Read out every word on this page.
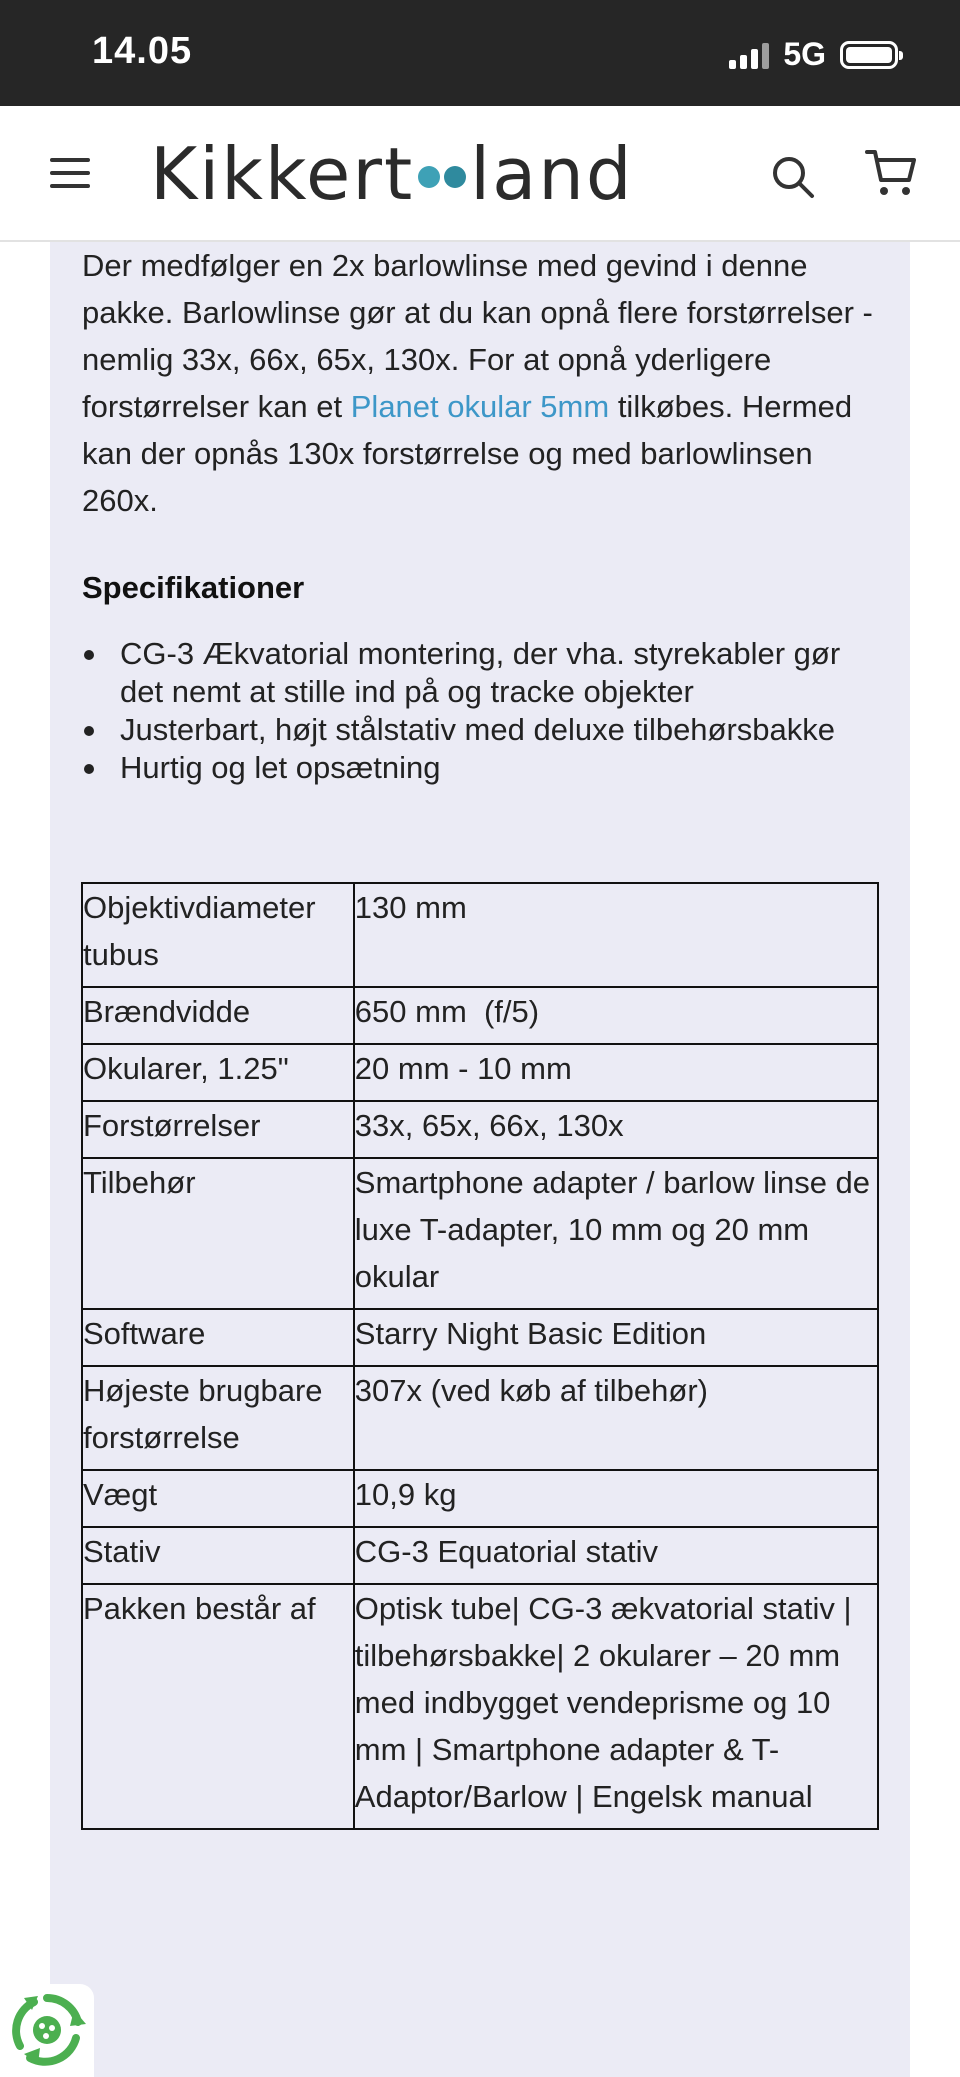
14.05	5G
Kikkert land

Der medfølger en 2x barlowlinse med gevind i denne pakke. Barlowlinse gør at du kan opnå flere forstørrelser - nemlig 33x, 66x, 65x, 130x. For at opnå yderligere forstørrelser kan et Planet okular 5mm tilkøbes. Hermed kan der opnås 130x forstørrelse og med barlowlinsen 260x.

Specifikationer
CG-3 Ækvatorial montering, der vha. styrekabler gør det nemt at stille ind på og tracke objekter
Justerbart, højt stålstativ med deluxe tilbehørsbakke
Hurtig og let opsætning
Objektivdiameter tubus	130 mm
Brændvidde	650 mm  (f/5)
Okularer, 1.25"	20 mm - 10 mm
Forstørrelser	33x, 65x, 66x, 130x
Tilbehør	Smartphone adapter / barlow linse de luxe T-adapter, 10 mm og 20 mm okular
Software	Starry Night Basic Edition
Højeste brugbare forstørrelse	307x (ved køb af tilbehør)
Vægt	10,9 kg
Stativ	CG-3 Equatorial stativ
Pakken består af	Optisk tube| CG-3 ækvatorial stativ | tilbehørsbakke| 2 okularer – 20 mm med indbygget vendeprisme og 10 mm | Smartphone adapter & T-Adaptor/Barlow | Engelsk manual
